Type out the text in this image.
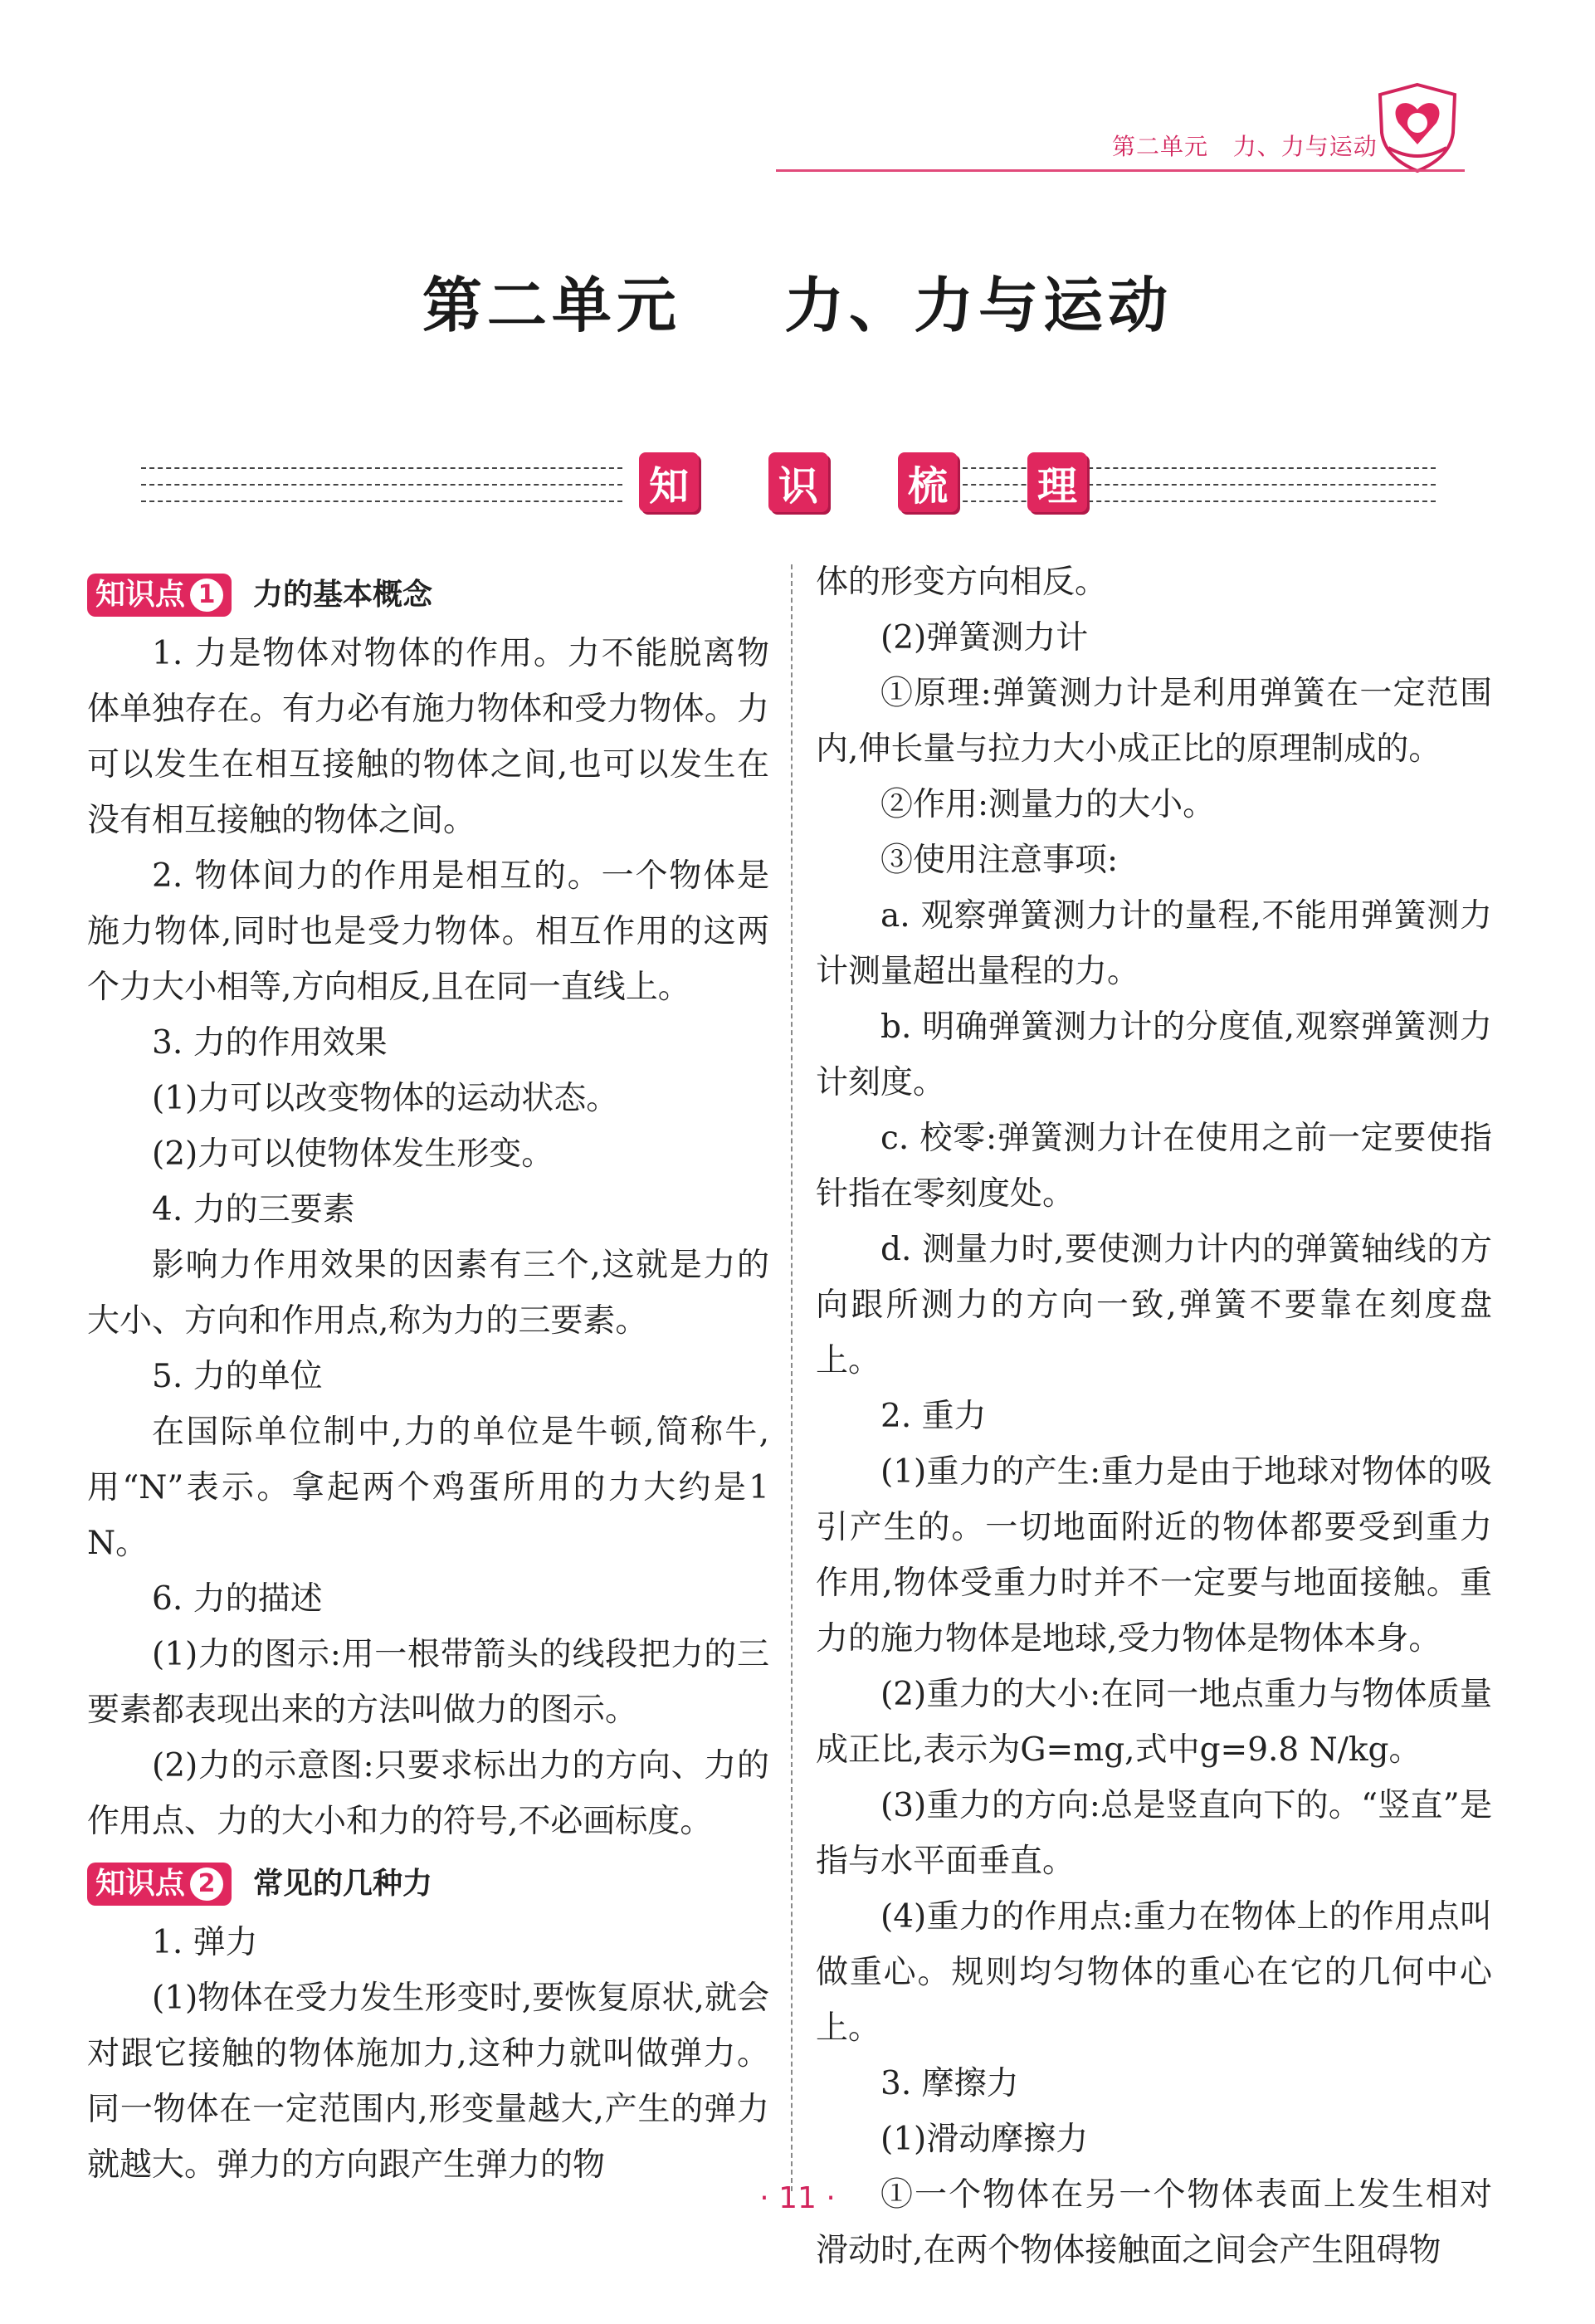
第二单元 力、力与运动
第二单元 力、力与运动
知 识 梳 理
知识点 1 力的基本概念

1. 力是物体对物体的作用。力不能脱离物体单独存在。有力必有施力物体和受力物体。力可以发生在相互接触的物体之间,也可以发生在没有相互接触的物体之间。

2. 物体间力的作用是相互的。一个物体是施力物体,同时也是受力物体。相互作用的这两个力大小相等,方向相反,且在同一直线上。

3. 力的作用效果

(1)力可以改变物体的运动状态。

(2)力可以使物体发生形变。

4. 力的三要素

影响力作用效果的因素有三个,这就是力的大小、方向和作用点,称为力的三要素。

5. 力的单位

在国际单位制中,力的单位是牛顿,简称牛,用“N”表示。拿起两个鸡蛋所用的力大约是1 N。

6. 力的描述

(1)力的图示:用一根带箭头的线段把力的三要素都表现出来的方法叫做力的图示。

(2)力的示意图:只要求标出力的方向、力的作用点、力的大小和力的符号,不必画标度。

知识点 2 常见的几种力

1. 弹力

(1)物体在受力发生形变时,要恢复原状,就会对跟它接触的物体施加力,这种力就叫做弹力。同一物体在一定范围内,形变量越大,产生的弹力就越大。弹力的方向跟产生弹力的物

体的形变方向相反。

(2)弹簧测力计

①原理:弹簧测力计是利用弹簧在一定范围内,伸长量与拉力大小成正比的原理制成的。

②作用:测量力的大小。

③使用注意事项:

a. 观察弹簧测力计的量程,不能用弹簧测力计测量超出量程的力。

b. 明确弹簧测力计的分度值,观察弹簧测力计刻度。

c. 校零:弹簧测力计在使用之前一定要使指针指在零刻度处。

d. 测量力时,要使测力计内的弹簧轴线的方向跟所测力的方向一致,弹簧不要靠在刻度盘上。

2. 重力

(1)重力的产生:重力是由于地球对物体的吸引产生的。一切地面附近的物体都要受到重力作用,物体受重力时并不一定要与地面接触。重力的施力物体是地球,受力物体是物体本身。

(2)重力的大小:在同一地点重力与物体质量成正比,表示为G=mg,式中g=9.8 N/kg。

(3)重力的方向:总是竖直向下的。“竖直”是指与水平面垂直。

(4)重力的作用点:重力在物体上的作用点叫做重心。规则均匀物体的重心在它的几何中心上。

3. 摩擦力

(1)滑动摩擦力

①一个物体在另一个物体表面上发生相对滑动时,在两个物体接触面之间会产生阻碍物

· 11 ·
